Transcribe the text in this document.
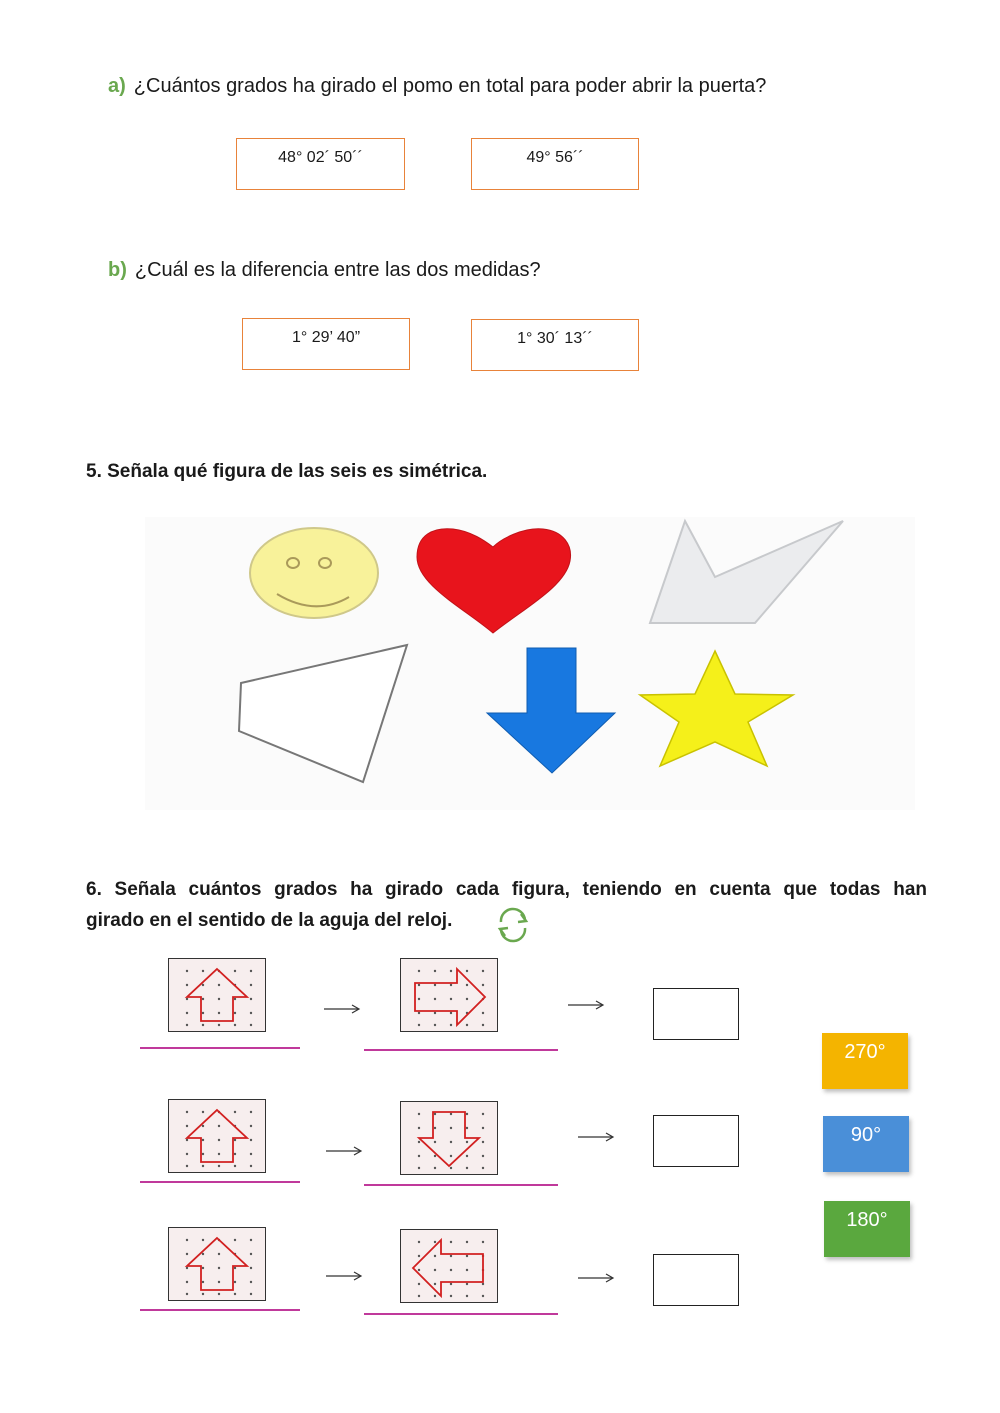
a) ¿Cuántos grados ha girado el pomo en total para poder abrir la puerta?
48° 02´ 50´´	49° 56´´
b) ¿Cuál es la diferencia entre las dos medidas?
1° 29’ 40”	1° 30´ 13´´
5. Señala qué figura de las seis es simétrica.
6. Señala cuántos grados ha girado cada figura, teniendo en cuenta que todas han
girado en el sentido de la aguja del reloj.
270°
90°
180°
